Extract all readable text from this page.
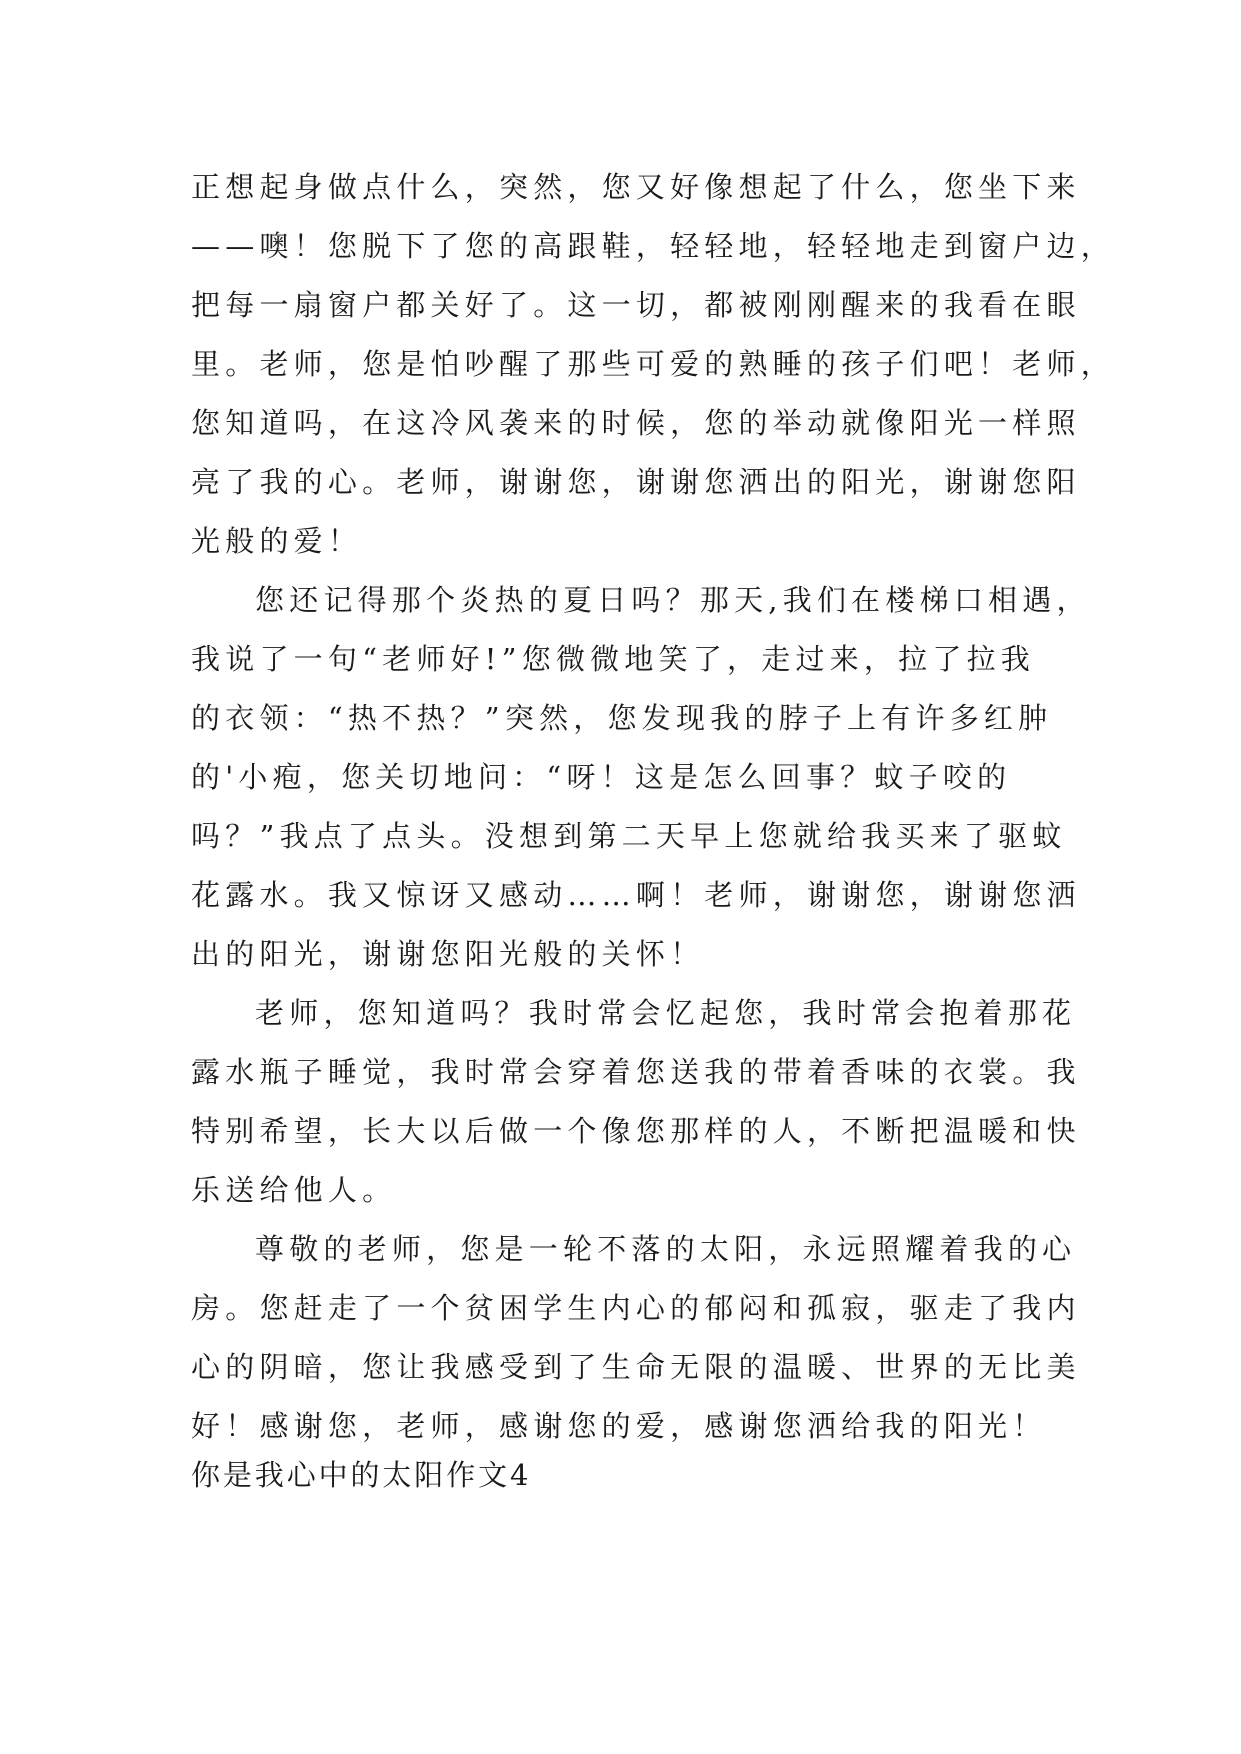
正想起身做点什么，突然，您又好像想起了什么，您坐下来
——噢！您脱下了您的高跟鞋，轻轻地，轻轻地走到窗户边，
把每一扇窗户都关好了。这一切，都被刚刚醒来的我看在眼
里。老师，您是怕吵醒了那些可爱的熟睡的孩子们吧！老师，
您知道吗，在这冷风袭来的时候，您的举动就像阳光一样照
亮了我的心。老师，谢谢您，谢谢您洒出的阳光，谢谢您阳
光般的爱！
您还记得那个炎热的夏日吗？那天,我们在楼梯口相遇，
我说了一句“老师好!”您微微地笑了，走过来，拉了拉我
的衣领：“热不热？”突然，您发现我的脖子上有许多红肿
的'小疱，您关切地问：“呀！这是怎么回事？蚊子咬的
吗？”我点了点头。没想到第二天早上您就给我买来了驱蚊
花露水。我又惊讶又感动……啊！老师，谢谢您，谢谢您洒
出的阳光，谢谢您阳光般的关怀！
老师，您知道吗？我时常会忆起您，我时常会抱着那花
露水瓶子睡觉，我时常会穿着您送我的带着香味的衣裳。我
特别希望，长大以后做一个像您那样的人，不断把温暖和快
乐送给他人。
尊敬的老师，您是一轮不落的太阳，永远照耀着我的心
房。您赶走了一个贫困学生内心的郁闷和孤寂，驱走了我内
心的阴暗，您让我感受到了生命无限的温暖、世界的无比美
好！感谢您，老师，感谢您的爱，感谢您洒给我的阳光！
你是我心中的太阳作文4
